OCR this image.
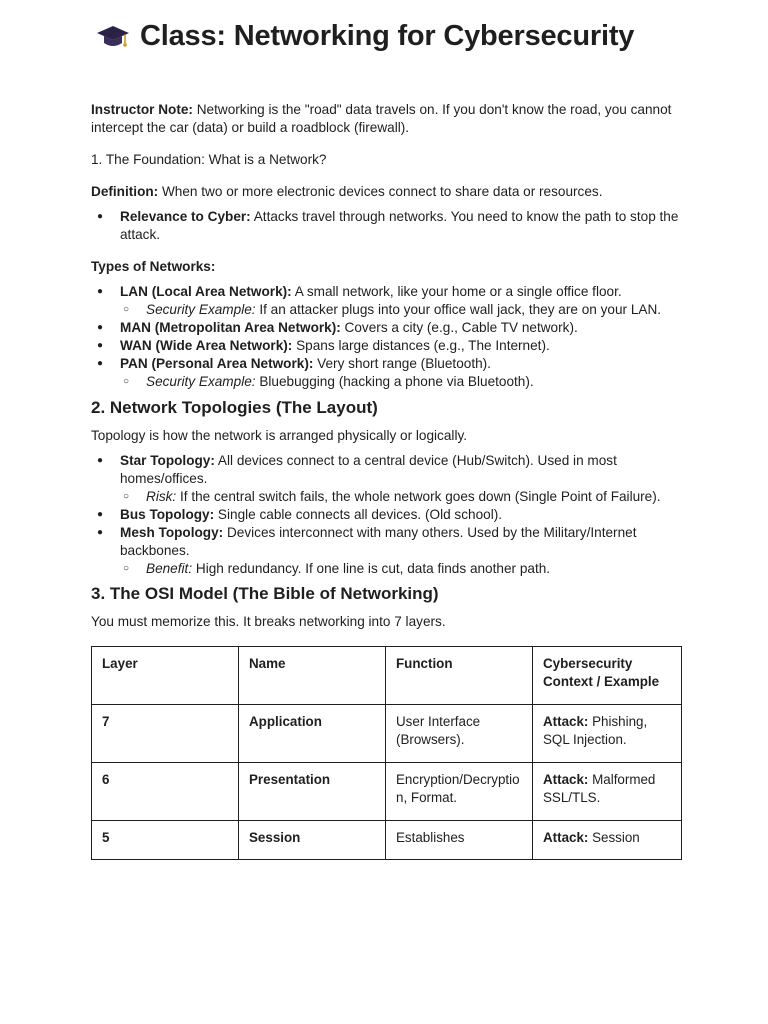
Class: Networking for Cybersecurity

Instructor Note: Networking is the "road" data travels on. If you don't know the road, you cannot intercept the car (data) or build a roadblock (firewall).

1. The Foundation: What is a Network?

Definition: When two or more electronic devices connect to share data or resources.

● Relevance to Cyber: Attacks travel through networks. You need to know the path to stop the attack.
Types of Networks:
● LAN (Local Area Network): A small network, like your home or a single office floor.
○ Security Example: If an attacker plugs into your office wall jack, they are on your LAN.
● MAN (Metropolitan Area Network): Covers a city (e.g., Cable TV network).
● WAN (Wide Area Network): Spans large distances (e.g., The Internet).
● PAN (Personal Area Network): Very short range (Bluetooth).
○ Security Example: Bluebugging (hacking a phone via Bluetooth).
2. Network Topologies (The Layout)
Topology is how the network is arranged physically or logically.
● Star Topology: All devices connect to a central device (Hub/Switch). Used in most homes/offices.
○ Risk: If the central switch fails, the whole network goes down (Single Point of Failure).
● Bus Topology: Single cable connects all devices. (Old school).
● Mesh Topology: Devices interconnect with many others. Used by the Military/Internet backbones.
○ Benefit: High redundancy. If one line is cut, data finds another path.
3. The OSI Model (The Bible of Networking)
You must memorize this. It breaks networking into 7 layers.
Layer	Name	Function	Cybersecurity Context / Example
7	Application	User Interface (Browsers).	Attack: Phishing, SQL Injection.
6	Presentation	Encryption/Decryption, Format.	Attack: Malformed SSL/TLS.
5	Session	Establishes	Attack: Session
